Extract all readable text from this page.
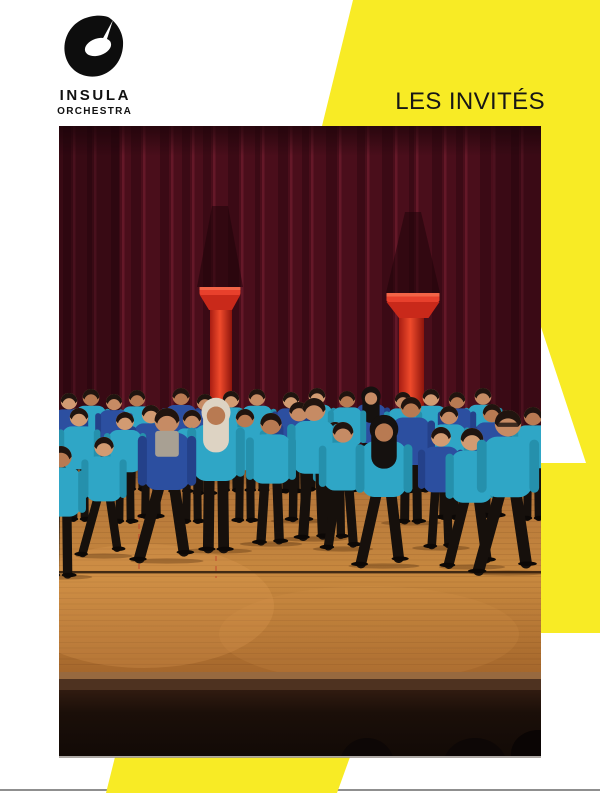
INSULA
ORCHESTRA	LES INVITÉS
